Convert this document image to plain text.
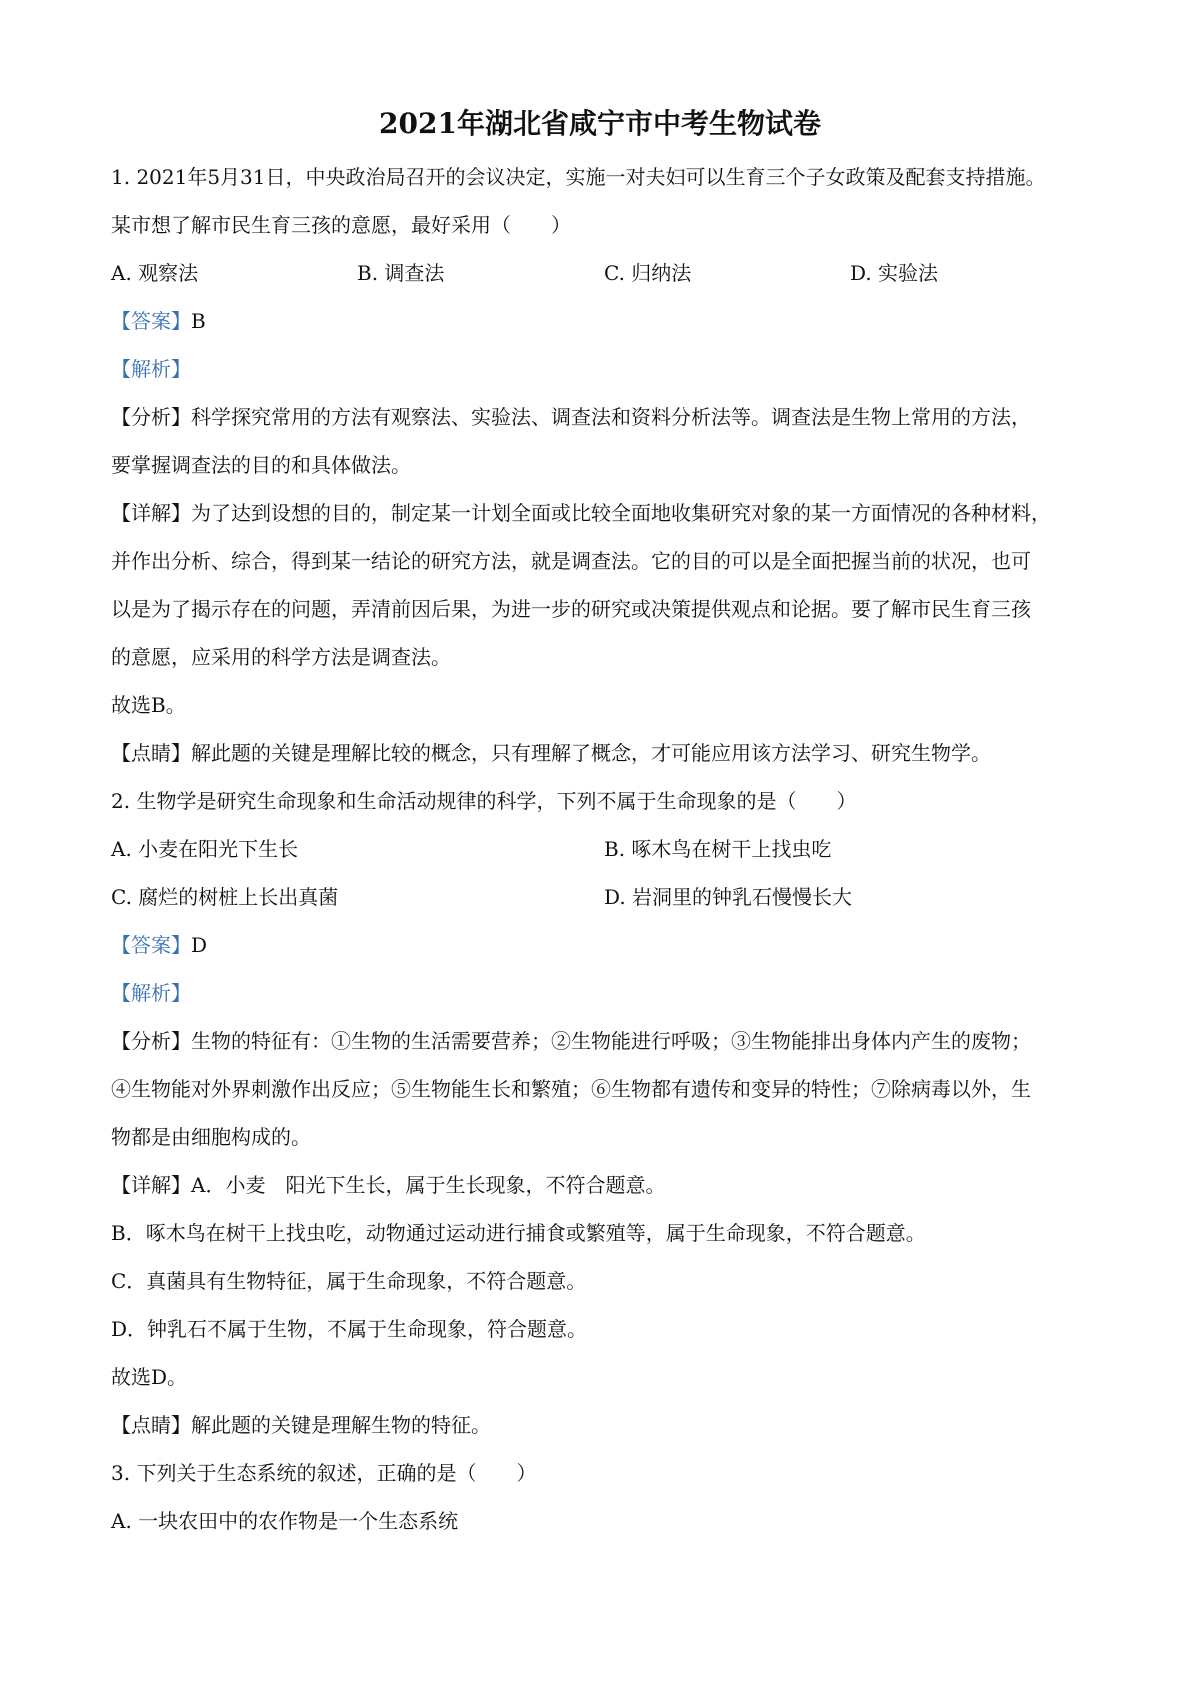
2021年湖北省咸宁市中考生物试卷
1. 2021年5月31日，中央政治局召开的会议决定，实施一对夫妇可以生育三个子女政策及配套支持措施。
某市想了解市民生育三孩的意愿，最好采用（　　）
A. 观察法	B. 调查法	C. 归纳法	D. 实验法
【答案】B
【解析】
【分析】科学探究常用的方法有观察法、实验法、调查法和资料分析法等。调查法是生物上常用的方法，
要掌握调查法的目的和具体做法。
【详解】为了达到设想的目的，制定某一计划全面或比较全面地收集研究对象的某一方面情况的各种材料，
并作出分析、综合，得到某一结论的研究方法，就是调查法。它的目的可以是全面把握当前的状况，也可
以是为了揭示存在的问题，弄清前因后果，为进一步的研究或决策提供观点和论据。要了解市民生育三孩
的意愿，应采用的科学方法是调查法。
故选B。
【点睛】解此题的关键是理解比较的概念，只有理解了概念，才可能应用该方法学习、研究生物学。
2. 生物学是研究生命现象和生命活动规律的科学，下列不属于生命现象的是（　　）
A. 小麦在阳光下生长	B. 啄木鸟在树干上找虫吃
C. 腐烂的树桩上长出真菌	D. 岩洞里的钟乳石慢慢长大
【答案】D
【解析】
【分析】生物的特征有：①生物的生活需要营养；②生物能进行呼吸；③生物能排出身体内产生的废物；
④生物能对外界刺激作出反应；⑤生物能生长和繁殖；⑥生物都有遗传和变异的特性；⑦除病毒以外，生
物都是由细胞构成的。
【详解】A．小麦　阳光下生长，属于生长现象，不符合题意。
B．啄木鸟在树干上找虫吃，动物通过运动进行捕食或繁殖等，属于生命现象，不符合题意。
C．真菌具有生物特征，属于生命现象，不符合题意。
D．钟乳石不属于生物，不属于生命现象，符合题意。
故选D。
【点睛】解此题的关键是理解生物的特征。
3. 下列关于生态系统的叙述，正确的是（　　）
A. 一块农田中的农作物是一个生态系统
